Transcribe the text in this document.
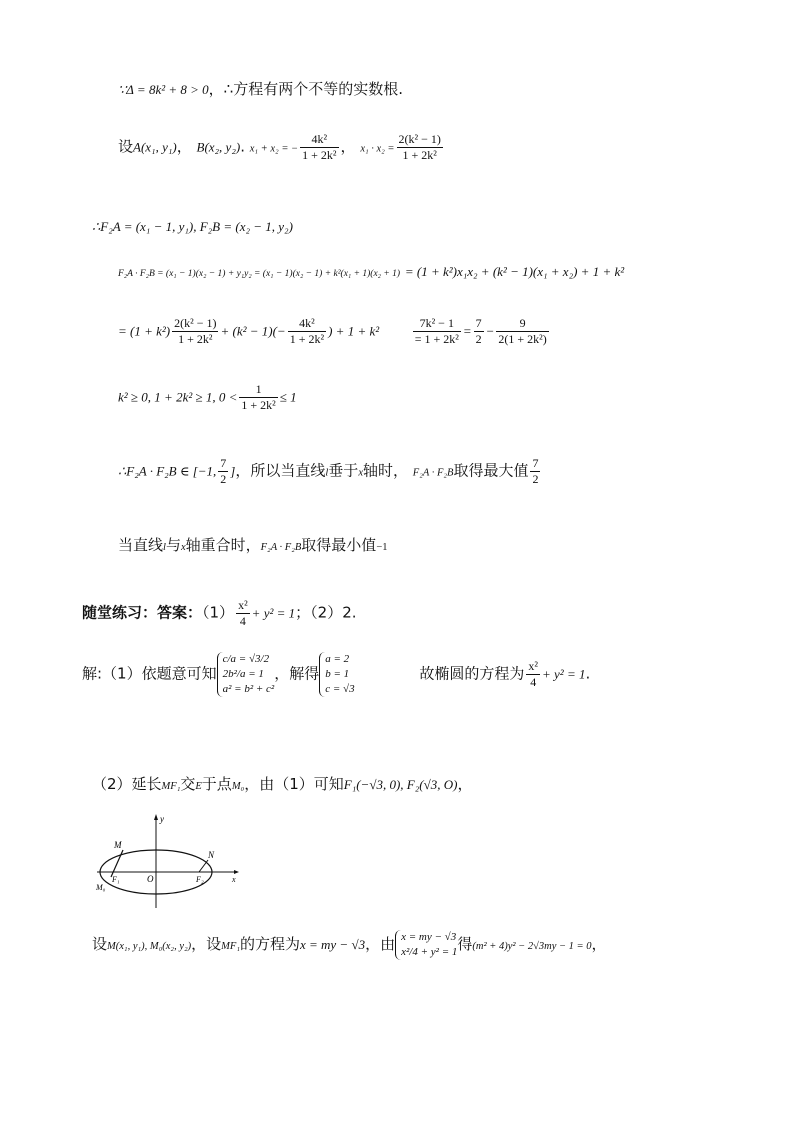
∵Δ = 8k² + 8 > 0，∴方程有两个不等的实数根.
设A(x₁, y₁)， B(x₂, y₂). x₁ + x₂ = − $\frac{\text{4k²}}{\text{1 + 2k²}}$ ， $x_1 \cdot x_2 = \frac{\text{2(k² − 1)}}{\text{1 + 2k²}}$
∴F₂A = (x₁ − 1, y₁), F₂B = (x₂ − 1, y₂)
F₂A · F₂B = (x₁ − 1)(x₂ − 1) + y₁y₂ = (x₁ − 1)(x₂ − 1) + k²(x₁ + 1)(x₂ + 1) = (1 + k²)x₁x₂ + (k² − 1)(x₁ + x₂) + 1 + k²
= $(1 + k^2) \frac{\text{2(k² − 1)}}{\text{1 + 2k²}} + (k^2 - 1)(- \frac{\text{4k²}}{\text{1 + 2k²}}$ ) + 1 + k²	$\frac{\text{7k² − 1}}{\text{= 1 + 2k²}} = \frac{7}{2} - \frac{9}{\text{2(1 + 2k²)}}$
k² ≥ 0, 1 + 2k² ≥ 1, $0 < \frac{1}{\text{1 + 2k²}} \le 1$
∴F₂A · F₂B ∈ [−1, $\frac{7}{2}$ ]，所以当直线l垂于x轴时， F₂A · F₂B取得最大值 $\frac{7}{2}$
当直线l与x轴重合时，F₂A · F₂B取得最小值−1
随堂练习：答案：$(1) \frac{\text{x²}}{4} + y^2 = 1$；（2）2.
解:（1）依题意可知
c/a = √3/2
2b²/a = 1
a² = b² + c²
，解得
a = 2
b = 1
c = √3
故椭圆的方程为 $\frac{\text{x²}}{4} + y^2 = 1$.
（2）延长MF₁交E于点M₀，由（1）可知F₁(−√3, 0), F₂(√3, O)，
y
M
N
F₁	O	F₂	x
M₀
设M(x₁, y₁), M₀(x₂, y₂)，设MF₁的方程为x = my − √3，由 x = my − √3
x²/4 + y² = 1 得(m² + 4)y² − 2√3my − 1 = 0，
